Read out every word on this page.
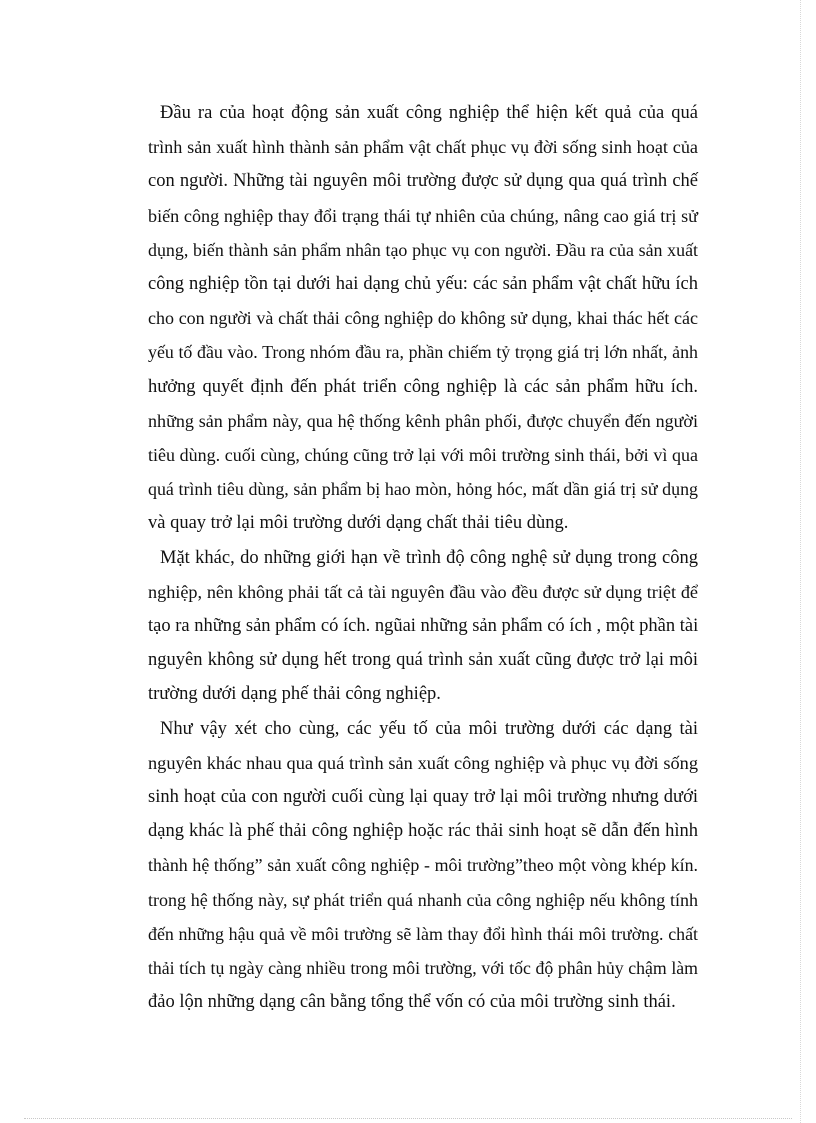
Đầu ra của hoạt động sản xuất công nghiệp thể hiện kết quả của quá
trình sản xuất hình thành sản phẩm vật chất phục vụ đời sống sinh hoạt của
con người. Những tài nguyên môi trường được sử dụng qua quá trình chế
biến công nghiệp thay đổi trạng thái tự nhiên của chúng, nâng cao giá trị sử
dụng, biến thành sản phẩm nhân tạo phục vụ con người. Đầu ra của sản xuất
công nghiệp tồn tại dưới hai dạng chủ yếu: các sản phẩm vật chất hữu ích
cho con người và chất thải công nghiệp do không sử dụng, khai thác hết các
yếu tố đầu vào. Trong nhóm đầu ra, phần chiếm tỷ trọng giá trị lớn nhất, ảnh
hưởng quyết định đến phát triển công nghiệp là các sản phẩm hữu ích.
những sản phẩm này, qua hệ thống kênh phân phối, được chuyển đến người
tiêu dùng. cuối cùng, chúng cũng trở lại với môi trường sinh thái, bởi vì qua
quá trình tiêu dùng, sản phẩm bị hao mòn, hỏng hóc, mất dần giá trị sử dụng
và quay trở lại môi trường dưới dạng chất thải tiêu dùng.

Mặt khác, do những giới hạn về trình độ công nghệ sử dụng trong công
nghiệp, nên không phải tất cả tài nguyên đầu vào đều được sử dụng triệt để
tạo ra những sản phẩm có ích. ngũai những sản phẩm có ích , một phần tài
nguyên không sử dụng hết trong quá trình sản xuất cũng được trở lại môi
trường dưới dạng phế thải công nghiệp.

Như vậy xét cho cùng, các yếu tố của môi trường dưới các dạng tài
nguyên khác nhau qua quá trình sản xuất công nghiệp và phục vụ đời sống
sinh hoạt của con người cuối cùng lại quay trở lại môi trường nhưng dưới
dạng khác là phế thải công nghiệp hoặc rác thải sinh hoạt sẽ dẫn đến hình
thành hệ thống” sản xuất công nghiệp - môi trường”theo một vòng khép kín.
trong hệ thống này, sự phát triển quá nhanh của công nghiệp nếu không tính
đến những hậu quả về môi trường sẽ làm thay đổi hình thái môi trường. chất
thải tích tụ ngày càng nhiều trong môi trường, với tốc độ phân hủy chậm làm
đảo lộn những dạng cân bằng tổng thể vốn có của môi trường sinh thái.
